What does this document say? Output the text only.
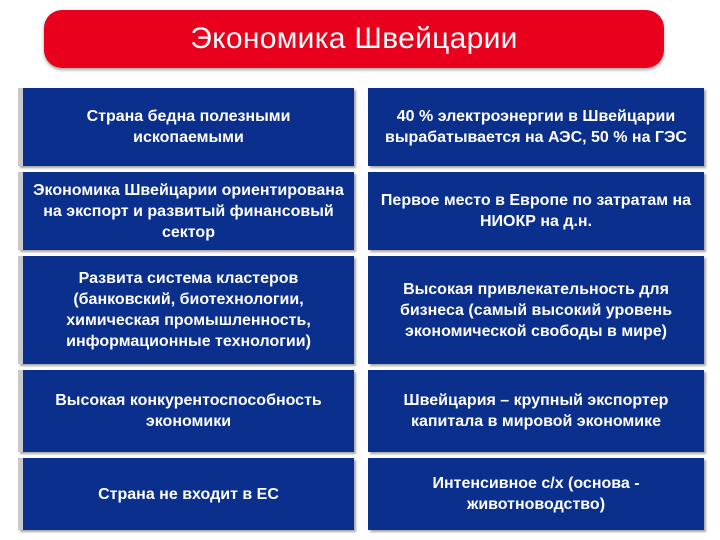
Экономика Швейцарии
Страна бедна полезными ископаемыми
40 % электроэнергии в Швейцарии вырабатывается на АЭС, 50 % на ГЭС
Экономика Швейцарии ориентирована на экспорт и развитый финансовый сектор
Первое место в Европе по затратам на НИОКР на д.н.
Развита система кластеров (банковский, биотехнологии, химическая промышленность, информационные технологии)
Высокая привлекательность для бизнеса (самый высокий уровень экономической свободы в мире)
Высокая конкурентоспособность экономики
Швейцария – крупный экспортер капитала в мировой экономике
Страна не входит в ЕС
Интенсивное с/х (основа - животноводство)
